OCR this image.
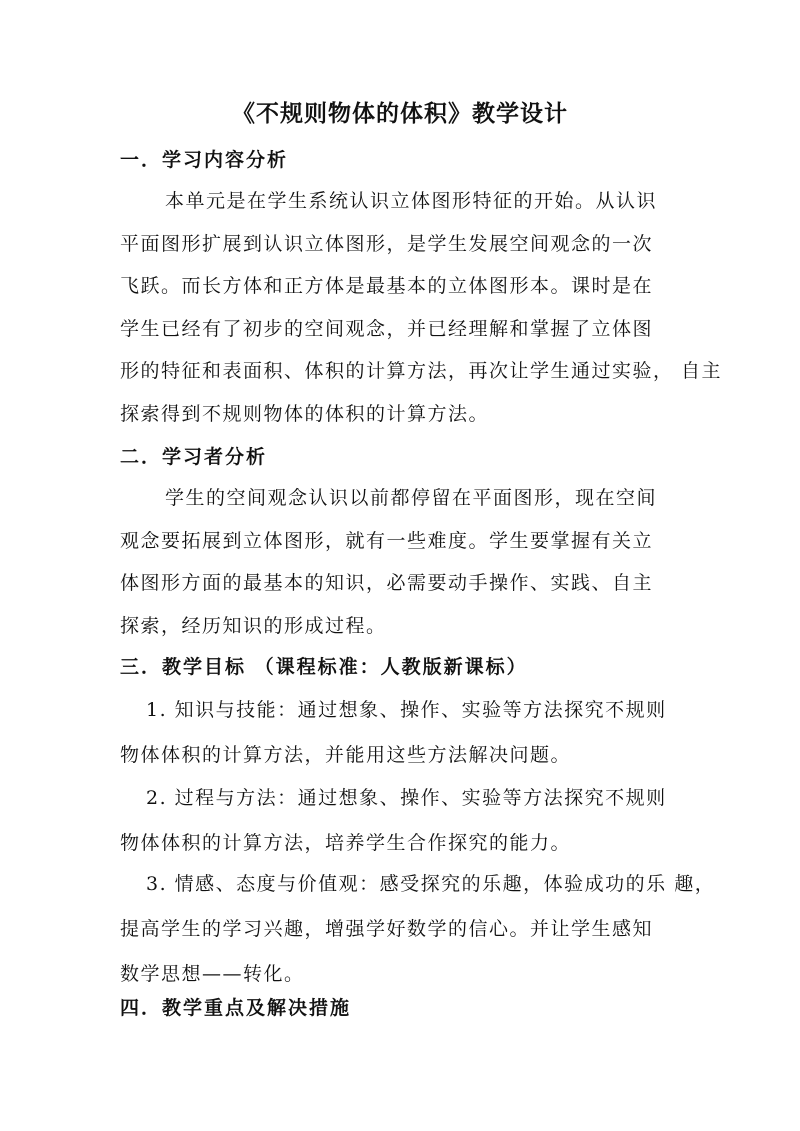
《不规则物体的体积》教学设计
一．学习内容分析
本单元是在学生系统认识立体图形特征的开始。从认识
平面图形扩展到认识立体图形，是学生发展空间观念的一次
飞跃。而长方体和正方体是最基本的立体图形本。课时是在
学生已经有了初步的空间观念，并已经理解和掌握了立体图
形的特征和表面积、体积的计算方法，再次让学生通过实验， 自主
探索得到不规则物体的体积的计算方法。
二．学习者分析
学生的空间观念认识以前都停留在平面图形，现在空间
观念要拓展到立体图形，就有一些难度。学生要掌握有关立
体图形方面的最基本的知识，必需要动手操作、实践、自主
探索，经历知识的形成过程。
三．教学目标 （课程标准：人教版新课标）
1. 知识与技能：通过想象、操作、实验等方法探究不规则
物体体积的计算方法，并能用这些方法解决问题。
2. 过程与方法：通过想象、操作、实验等方法探究不规则
物体体积的计算方法，培养学生合作探究的能力。
3. 情感、态度与价值观：感受探究的乐趣，体验成功的乐 趣，
提高学生的学习兴趣，增强学好数学的信心。并让学生感知
数学思想——转化。
四．教学重点及解决措施
